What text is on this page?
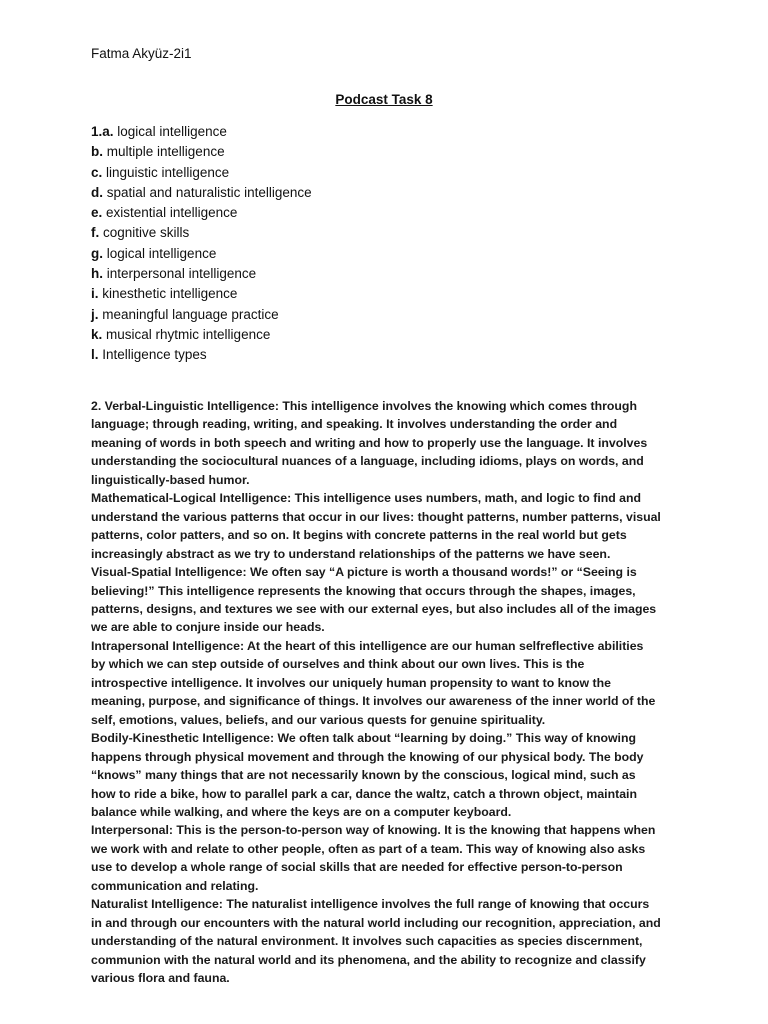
Fatma Akyüz-2i1
Podcast Task 8
1.a. logical intelligence
b. multiple intelligence
c. linguistic intelligence
d. spatial and naturalistic intelligence
e. existential intelligence
f. cognitive skills
g. logical intelligence
h. interpersonal intelligence
i. kinesthetic intelligence
j. meaningful language practice
k. musical rhytmic intelligence
l. Intelligence types

2. Verbal-Linguistic Intelligence: This intelligence involves the knowing which comes through language; through reading, writing, and speaking. It involves understanding the order and meaning of words in both speech and writing and how to properly use the language. It involves understanding the sociocultural nuances of a language, including idioms, plays on words, and linguistically-based humor.

Mathematical-Logical Intelligence: This intelligence uses numbers, math, and logic to find and understand the various patterns that occur in our lives: thought patterns, number patterns, visual patterns, color patters, and so on. It begins with concrete patterns in the real world but gets increasingly abstract as we try to understand relationships of the patterns we have seen.

Visual-Spatial Intelligence: We often say “A picture is worth a thousand words!” or “Seeing is believing!” This intelligence represents the knowing that occurs through the shapes, images, patterns, designs, and textures we see with our external eyes, but also includes all of the images we are able to conjure inside our heads.

Intrapersonal Intelligence: At the heart of this intelligence are our human selfreflective abilities by which we can step outside of ourselves and think about our own lives. This is the introspective intelligence. It involves our uniquely human propensity to want to know the meaning, purpose, and significance of things. It involves our awareness of the inner world of the self, emotions, values, beliefs, and our various quests for genuine spirituality.

Bodily-Kinesthetic Intelligence: We often talk about “learning by doing.” This way of knowing happens through physical movement and through the knowing of our physical body. The body “knows” many things that are not necessarily known by the conscious, logical mind, such as how to ride a bike, how to parallel park a car, dance the waltz, catch a thrown object, maintain balance while walking, and where the keys are on a computer keyboard.

Interpersonal: This is the person-to-person way of knowing. It is the knowing that happens when we work with and relate to other people, often as part of a team. This way of knowing also asks use to develop a whole range of social skills that are needed for effective person-to-person communication and relating.

Naturalist Intelligence: The naturalist intelligence involves the full range of knowing that occurs in and through our encounters with the natural world including our recognition, appreciation, and understanding of the natural environment. It involves such capacities as species discernment, communion with the natural world and its phenomena, and the ability to recognize and classify various flora and fauna.
